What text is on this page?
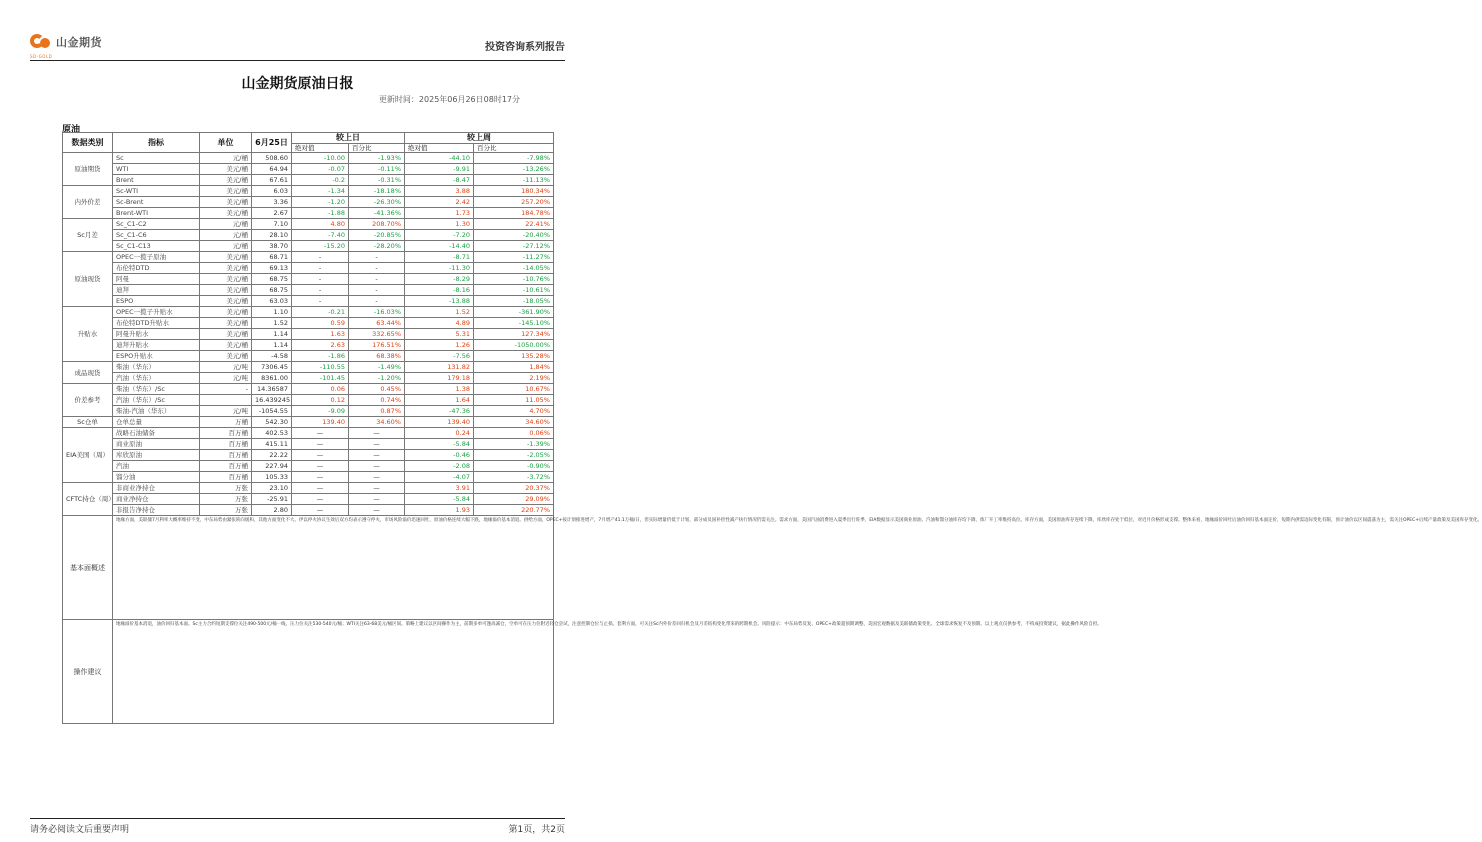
山金期货
SD-GOLD
投资咨询系列报告
山金期货原油日报
更新时间：2025年06月26日08时17分
原油
数据类别	指标	单位	6月25日	较上日		较上周	
				绝对值	百分比	绝对值	百分比
原油期货	Sc	元/桶	508.60	-10.00	-1.93%	-44.10	-7.98%
	WTI	美元/桶	64.94	-0.07	-0.11%	-9.91	-13.26%
	Brent	美元/桶	67.61	-0.2	-0.31%	-8.47	-11.13%
内外价差	Sc-WTI	美元/桶	6.03	-1.34	-18.18%	3.88	180.34%
	Sc-Brent	美元/桶	3.36	-1.20	-26.30%	2.42	257.20%
	Brent-WTI	美元/桶	2.67	-1.88	-41.36%	1.73	184.78%
Sc月差	Sc_C1-C2	元/桶	7.10	4.80	208.70%	1.30	22.41%
	Sc_C1-C6	元/桶	28.10	-7.40	-20.85%	-7.20	-20.40%
	Sc_C1-C13	元/桶	38.70	-15.20	-28.20%	-14.40	-27.12%
原油现货	OPEC一揽子原油	美元/桶	68.71	-	-	-8.71	-11.27%
	布伦特DTD	美元/桶	69.13	-	-	-11.30	-14.05%
	阿曼	美元/桶	68.75	-	-	-8.29	-10.76%
	迪拜	美元/桶	68.75	-	-	-8.16	-10.61%
	ESPO	美元/桶	63.03	-	-	-13.88	-18.05%
升贴水	OPEC一揽子升贴水	美元/桶	1.10	-0.21	-16.03%	1.52	-361.90%
	布伦特DTD升贴水	美元/桶	1.52	0.59	63.44%	4.89	-145.10%
	阿曼升贴水	美元/桶	1.14	1.63	332.65%	5.31	127.34%
	迪拜升贴水	美元/桶	1.14	2.63	176.51%	1.26	-1050.00%
	ESPO升贴水	美元/桶	-4.58	-1.86	68.38%	-7.56	135.28%
成品现货	柴油（华东）	元/吨	7306.45	-110.55	-1.49%	131.82	1.84%
	汽油（华东）	元/吨	8361.00	-101.45	-1.20%	179.18	2.19%
价差参考	柴油（华东）/Sc	-	14.36587	0.06	0.45%	1.38	10.67%
	汽油（华东）/Sc		16.439245	0.12	0.74%	1.64	11.05%
	柴油-汽油（华东）	元/吨	-1054.55	-9.09	0.87%	-47.36	4.70%
Sc仓单	仓单总量	万桶	542.30	139.40	34.60%	139.40	34.60%
EIA美国（周）	战略石油储备	百万桶	402.53	—	—	0.24	0.06%
	商业原油	百万桶	415.11	—	—	-5.84	-1.39%
	库欣原油	百万桶	22.22	—	—	-0.46	-2.05%
	汽油	百万桶	227.94	—	—	-2.08	-0.90%
	馏分油	百万桶	105.33	—	—	-4.07	-3.72%
CFTC持仓（周）	非商业净持仓	万张	23.10	—	—	3.91	20.37%
	商业净持仓	万张	-25.91	—	—	-5.84	29.09%
	非报告净持仓	万张	2.80	—	—	1.93	220.77%
基本面概述	地缘方面，美联储7月利率大概率维持不变，中东局势由紧张转向缓和，其他方面变化不大。伊以停火协议生效后双方均表示遵守停火，市场风险溢价迅速回吐，原油价格连续大幅下跌，地缘溢价基本消退。供给方面，OPEC+按计划推进增产，7月增产41.1万桶/日，但实际增量仍低于计划，部分成员国补偿性减产执行情况仍需关注。需求方面，美国汽油消费进入夏季出行旺季，EIA数据显示美国商业原油、汽油和馏分油库存均下降，炼厂开工率维持高位。库存方面，美国原油库存连续下降，库欣库存处于低位，对近月价格形成支撑。整体来看，地缘溢价回吐后油价回归基本面定价，短期内供需边际变化有限，预计油价以区间震荡为主，需关注OPEC+后续产量政策及美国库存变化。						
操作建议	地缘溢价基本消退，油价回归基本面。Sc主力合约短期支撑位关注490-500元/桶一线，压力位关注530-540元/桶；WTI关注63-68美元/桶区间。策略上建议以区间操作为主，前期多单可逢高减仓，空单可在压力位附近轻仓尝试，注意控制仓位与止损。套利方面，可关注Sc内外价差回归机会及月差结构变化带来的跨期机会。风险提示：中东局势反复、OPEC+政策超预期调整、美国宏观数据及美联储政策变化、全球需求恢复不及预期。以上观点仅供参考，不构成投资建议，据此操作风险自担。						
请务必阅读文后重要声明	第1页，共2页
